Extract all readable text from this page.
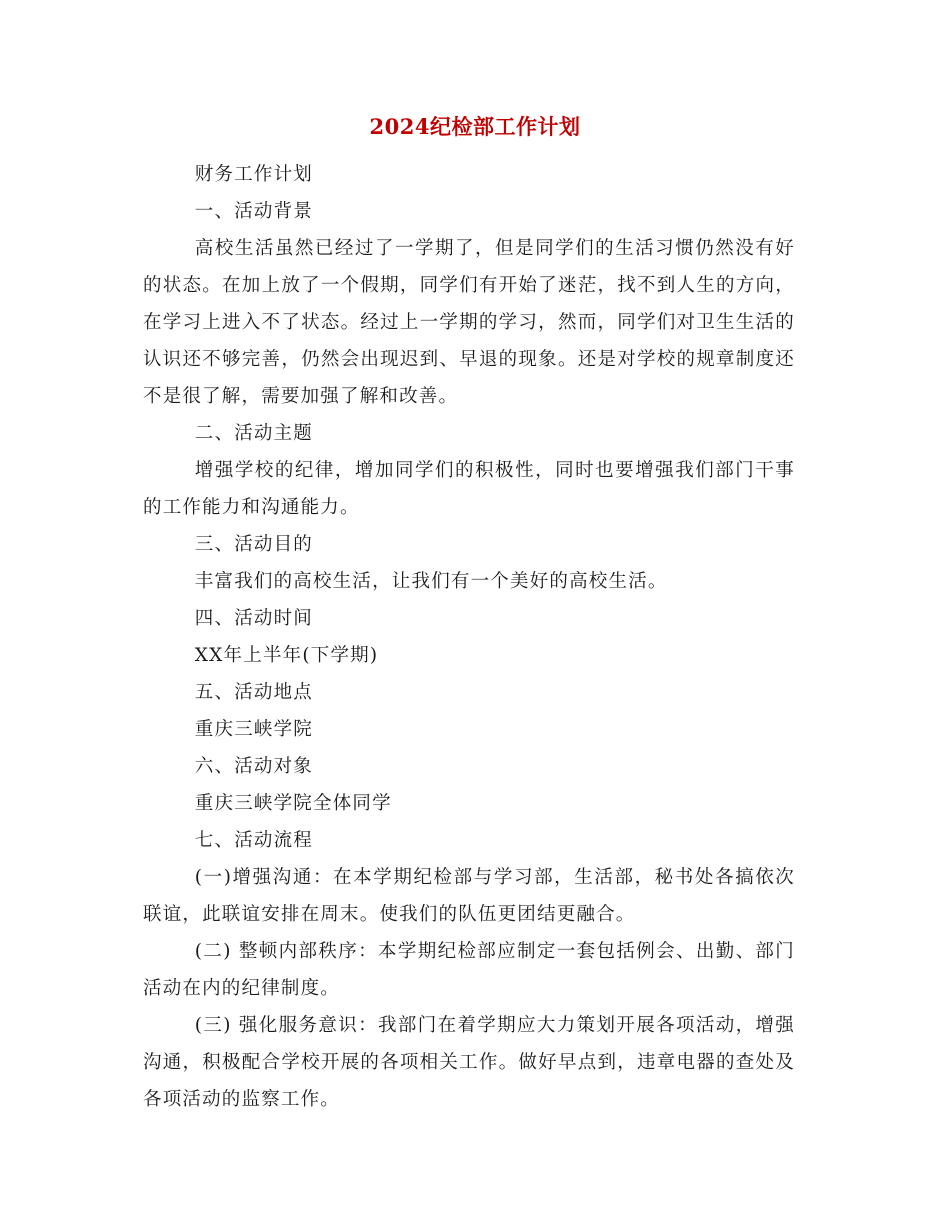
2024纪检部工作计划

财务工作计划

一、活动背景

高校生活虽然已经过了一学期了，但是同学们的生活习惯仍然没有好的状态。在加上放了一个假期，同学们有开始了迷茫，找不到人生的方向，在学习上进入不了状态。经过上一学期的学习，然而，同学们对卫生生活的认识还不够完善，仍然会出现迟到、早退的现象。还是对学校的规章制度还不是很了解，需要加强了解和改善。

二、活动主题

增强学校的纪律，增加同学们的积极性，同时也要增强我们部门干事的工作能力和沟通能力。

三、活动目的

丰富我们的高校生活，让我们有一个美好的高校生活。

四、活动时间

XX年上半年(下学期)

五、活动地点

重庆三峡学院

六、活动对象

重庆三峡学院全体同学

七、活动流程

(一)增强沟通：在本学期纪检部与学习部，生活部，秘书处各搞依次联谊，此联谊安排在周末。使我们的队伍更团结更融合。

(二) 整顿内部秩序：本学期纪检部应制定一套包括例会、出勤、部门活动在内的纪律制度。

(三) 强化服务意识：我部门在着学期应大力策划开展各项活动，增强沟通，积极配合学校开展的各项相关工作。做好早点到，违章电器的查处及各项活动的监察工作。
